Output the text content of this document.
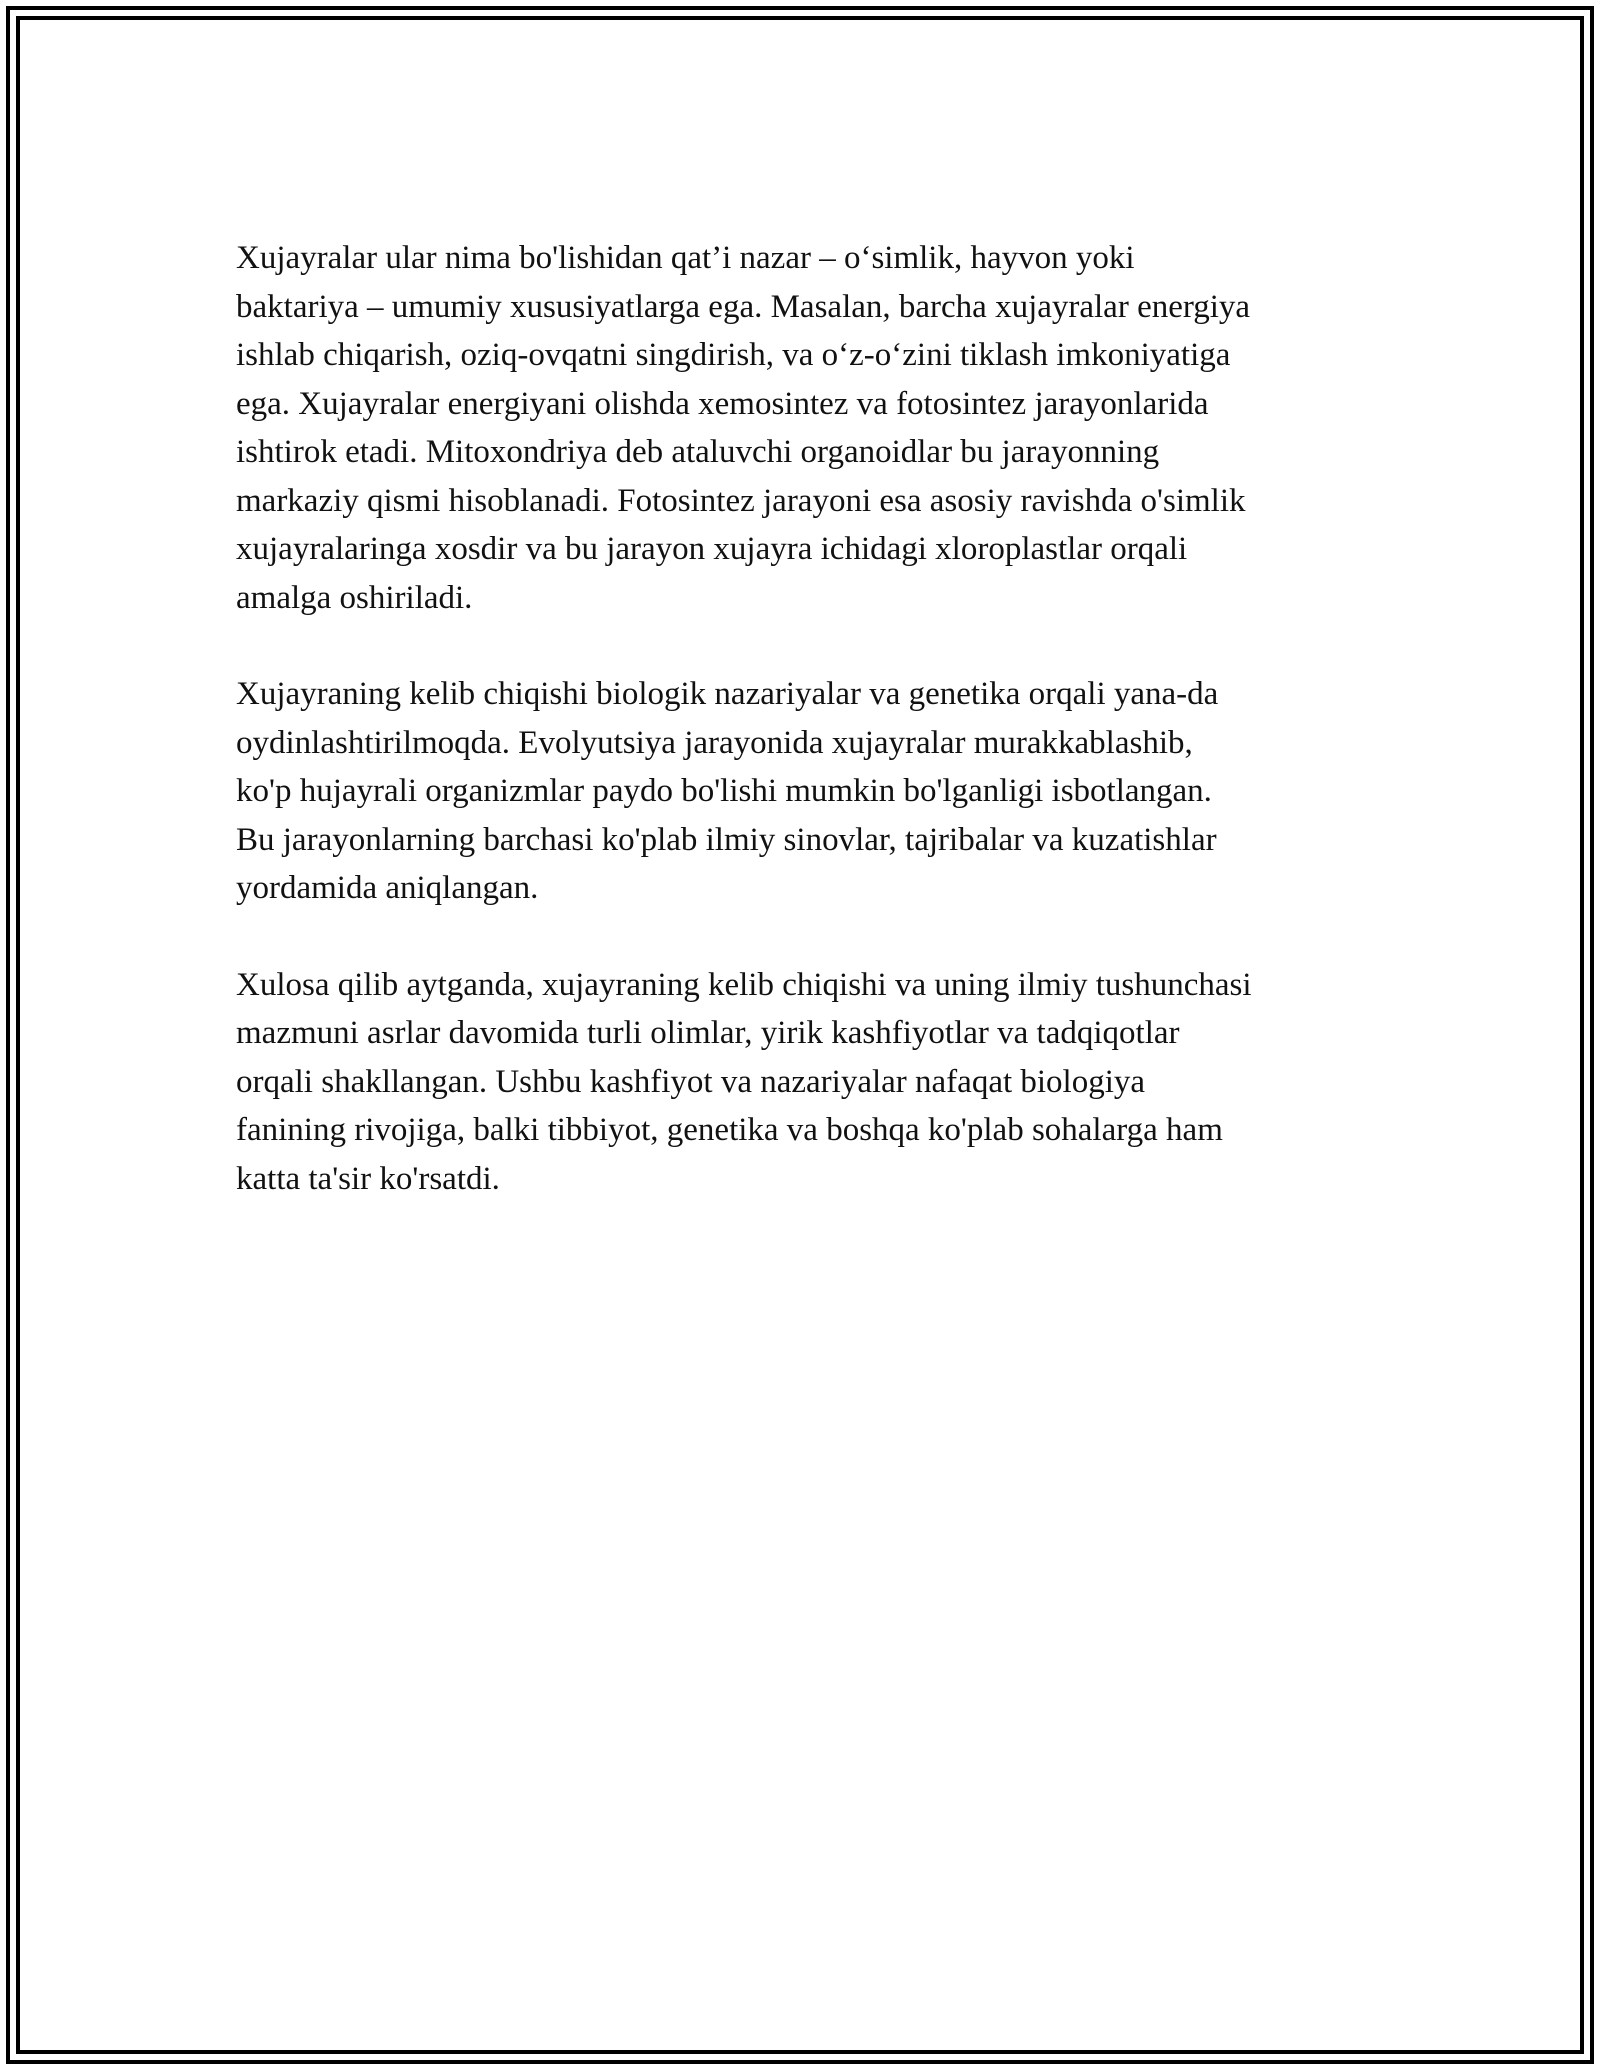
Xujayralar ular nima bo'lishidan qat’i nazar – oʻsimlik, hayvon yoki
baktariya – umumiy xususiyatlarga ega. Masalan, barcha xujayralar energiya
ishlab chiqarish, oziq-ovqatni singdirish, va oʻz-oʻzini tiklash imkoniyatiga
ega. Xujayralar energiyani olishda xemosintez va fotosintez jarayonlarida
ishtirok etadi. Mitoxondriya deb ataluvchi organoidlar bu jarayonning
markaziy qismi hisoblanadi. Fotosintez jarayoni esa asosiy ravishda o'simlik
xujayralaringa xosdir va bu jarayon xujayra ichidagi xloroplastlar orqali
amalga oshiriladi.

Xujayraning kelib chiqishi biologik nazariyalar va genetika orqali yana-da
oydinlashtirilmoqda. Evolyutsiya jarayonida xujayralar murakkablashib,
ko'p hujayrali organizmlar paydo bo'lishi mumkin bo'lganligi isbotlangan.
Bu jarayonlarning barchasi ko'plab ilmiy sinovlar, tajribalar va kuzatishlar
yordamida aniqlangan.

Xulosa qilib aytganda, xujayraning kelib chiqishi va uning ilmiy tushunchasi
mazmuni asrlar davomida turli olimlar, yirik kashfiyotlar va tadqiqotlar
orqali shakllangan. Ushbu kashfiyot va nazariyalar nafaqat biologiya
fanining rivojiga, balki tibbiyot, genetika va boshqa ko'plab sohalarga ham
katta ta'sir ko'rsatdi.
